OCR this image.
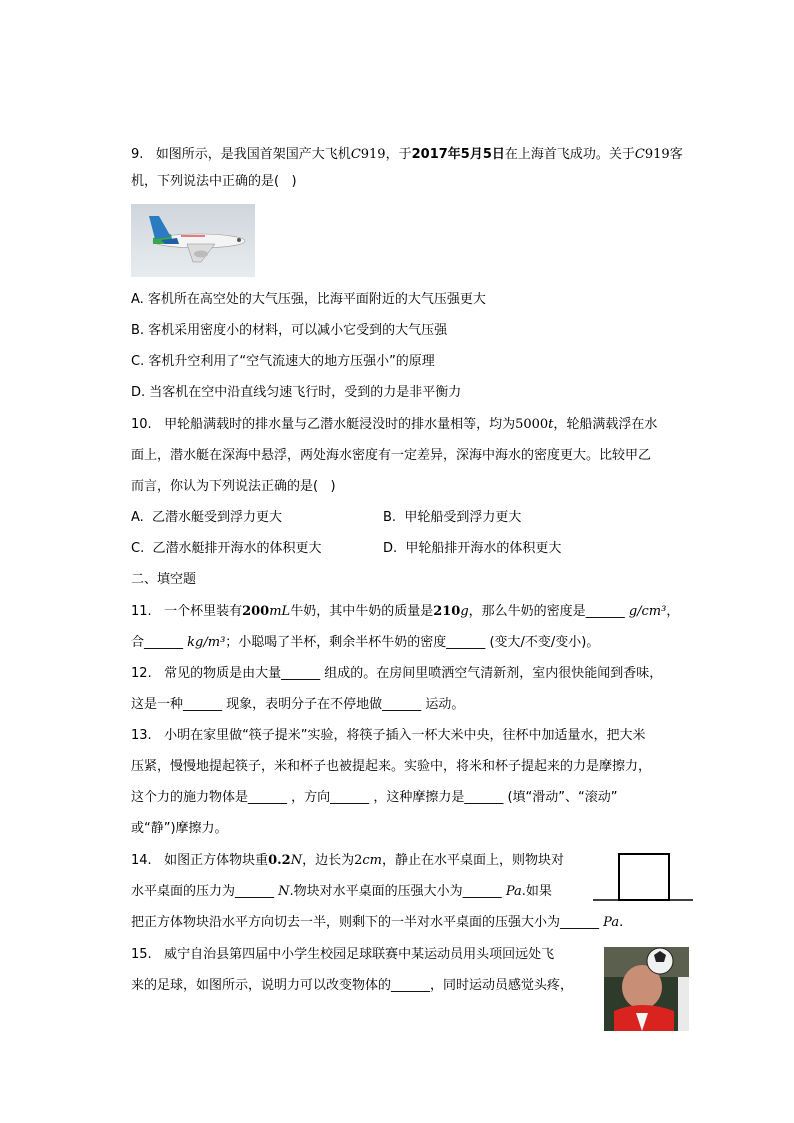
9.   如图所示，是我国首架国产大飞机C919，于2017年5月5日在上海首飞成功。关于C919客
机，下列说法中正确的是(   )
A. 客机所在高空处的大气压强，比海平面附近的大气压强更大
B. 客机采用密度小的材料，可以减小它受到的大气压强
C. 客机升空利用了“空气流速大的地方压强小”的原理
D. 当客机在空中沿直线匀速飞行时，受到的力是非平衡力
10.   甲轮船满载时的排水量与乙潜水艇浸没时的排水量相等，均为5000t，轮船满载浮在水
面上，潜水艇在深海中悬浮，两处海水密度有一定差异，深海中海水的密度更大。比较甲乙
而言，你认为下列说法正确的是(   )
A.  乙潜水艇受到浮力更大	B.  甲轮船受到浮力更大
C.  乙潜水艇排开海水的体积更大	D.  甲轮船排开海水的体积更大
二、填空题
11.   一个杯里装有200mL牛奶，其中牛奶的质量是210g，那么牛奶的密度是______ g/cm³，
合______ kg/m³；小聪喝了半杯，剩余半杯牛奶的密度______ (变大/不变/变小)。
12.   常见的物质是由大量______ 组成的。在房间里喷洒空气清新剂，室内很快能闻到香味，
这是一种______ 现象，表明分子在不停地做______ 运动。
13.   小明在家里做“筷子提米”实验，将筷子插入一杯大米中央，往杯中加适量水，把大米
压紧，慢慢地提起筷子，米和杯子也被提起来。实验中，将米和杯子提起来的力是摩擦力，
这个力的施力物体是______ ，方向______ ，这种摩擦力是______ (填“滑动”、“滚动”
或“静”)摩擦力。
14.   如图正方体物块重0.2N，边长为2cm，静止在水平桌面上，则物块对
水平桌面的压力为______ N.物块对水平桌面的压强大小为______ Pa.如果
把正方体物块沿水平方向切去一半，则剩下的一半对水平桌面的压强大小为______ Pa.
15.   威宁自治县第四届中小学生校园足球联赛中某运动员用头项回远处飞
来的足球，如图所示，说明力可以改变物体的______，同时运动员感觉头疼，
